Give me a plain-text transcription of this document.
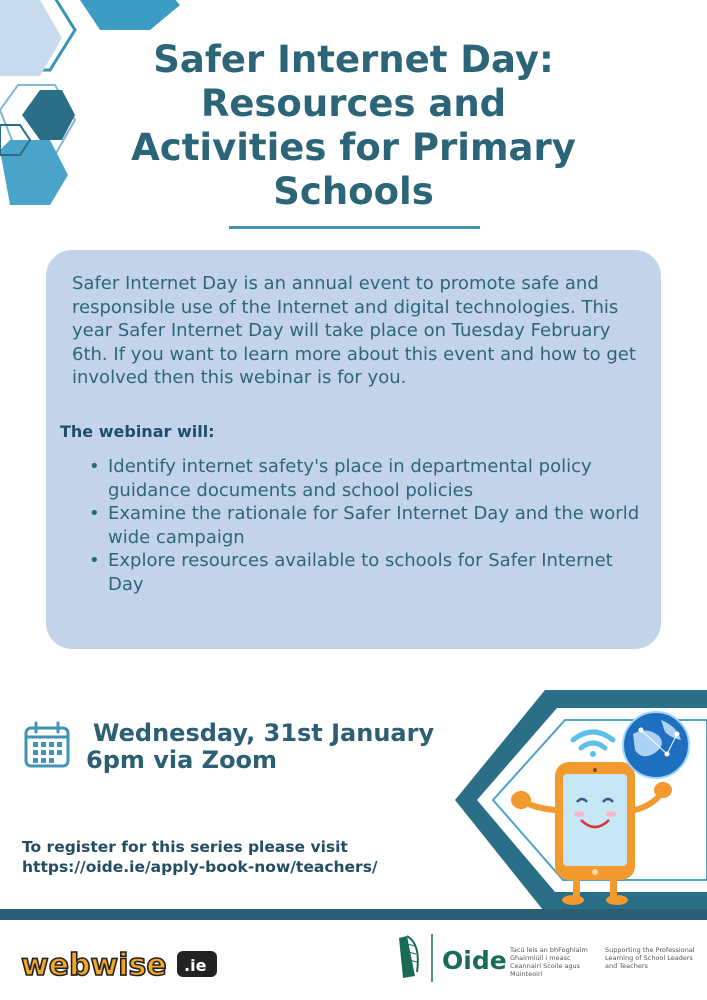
Safer Internet Day:
Resources and
Activities for Primary
Schools

Safer Internet Day is an annual event to promote safe and responsible use of the Internet and digital technologies. This year Safer Internet Day will take place on Tuesday February 6th. If you want to learn more about this event and how to get involved then this webinar is for you.

The webinar will:

• Identify internet safety's place in departmental policy guidance documents and school policies
• Examine the rationale for Safer Internet Day and the world wide campaign
• Explore resources available to schools for Safer Internet Day

Wednesday, 31st January

6pm via Zoom

To register for this series please visit

https://oide.ie/apply-book-now/teachers/

webwise .ie	Oide Tacú leis an bhFoghlaim Ghairmiúil i measc Ceannairí Scoile agus Múinteoirí

Supporting the Professional Learning of School Leaders and Teachers
